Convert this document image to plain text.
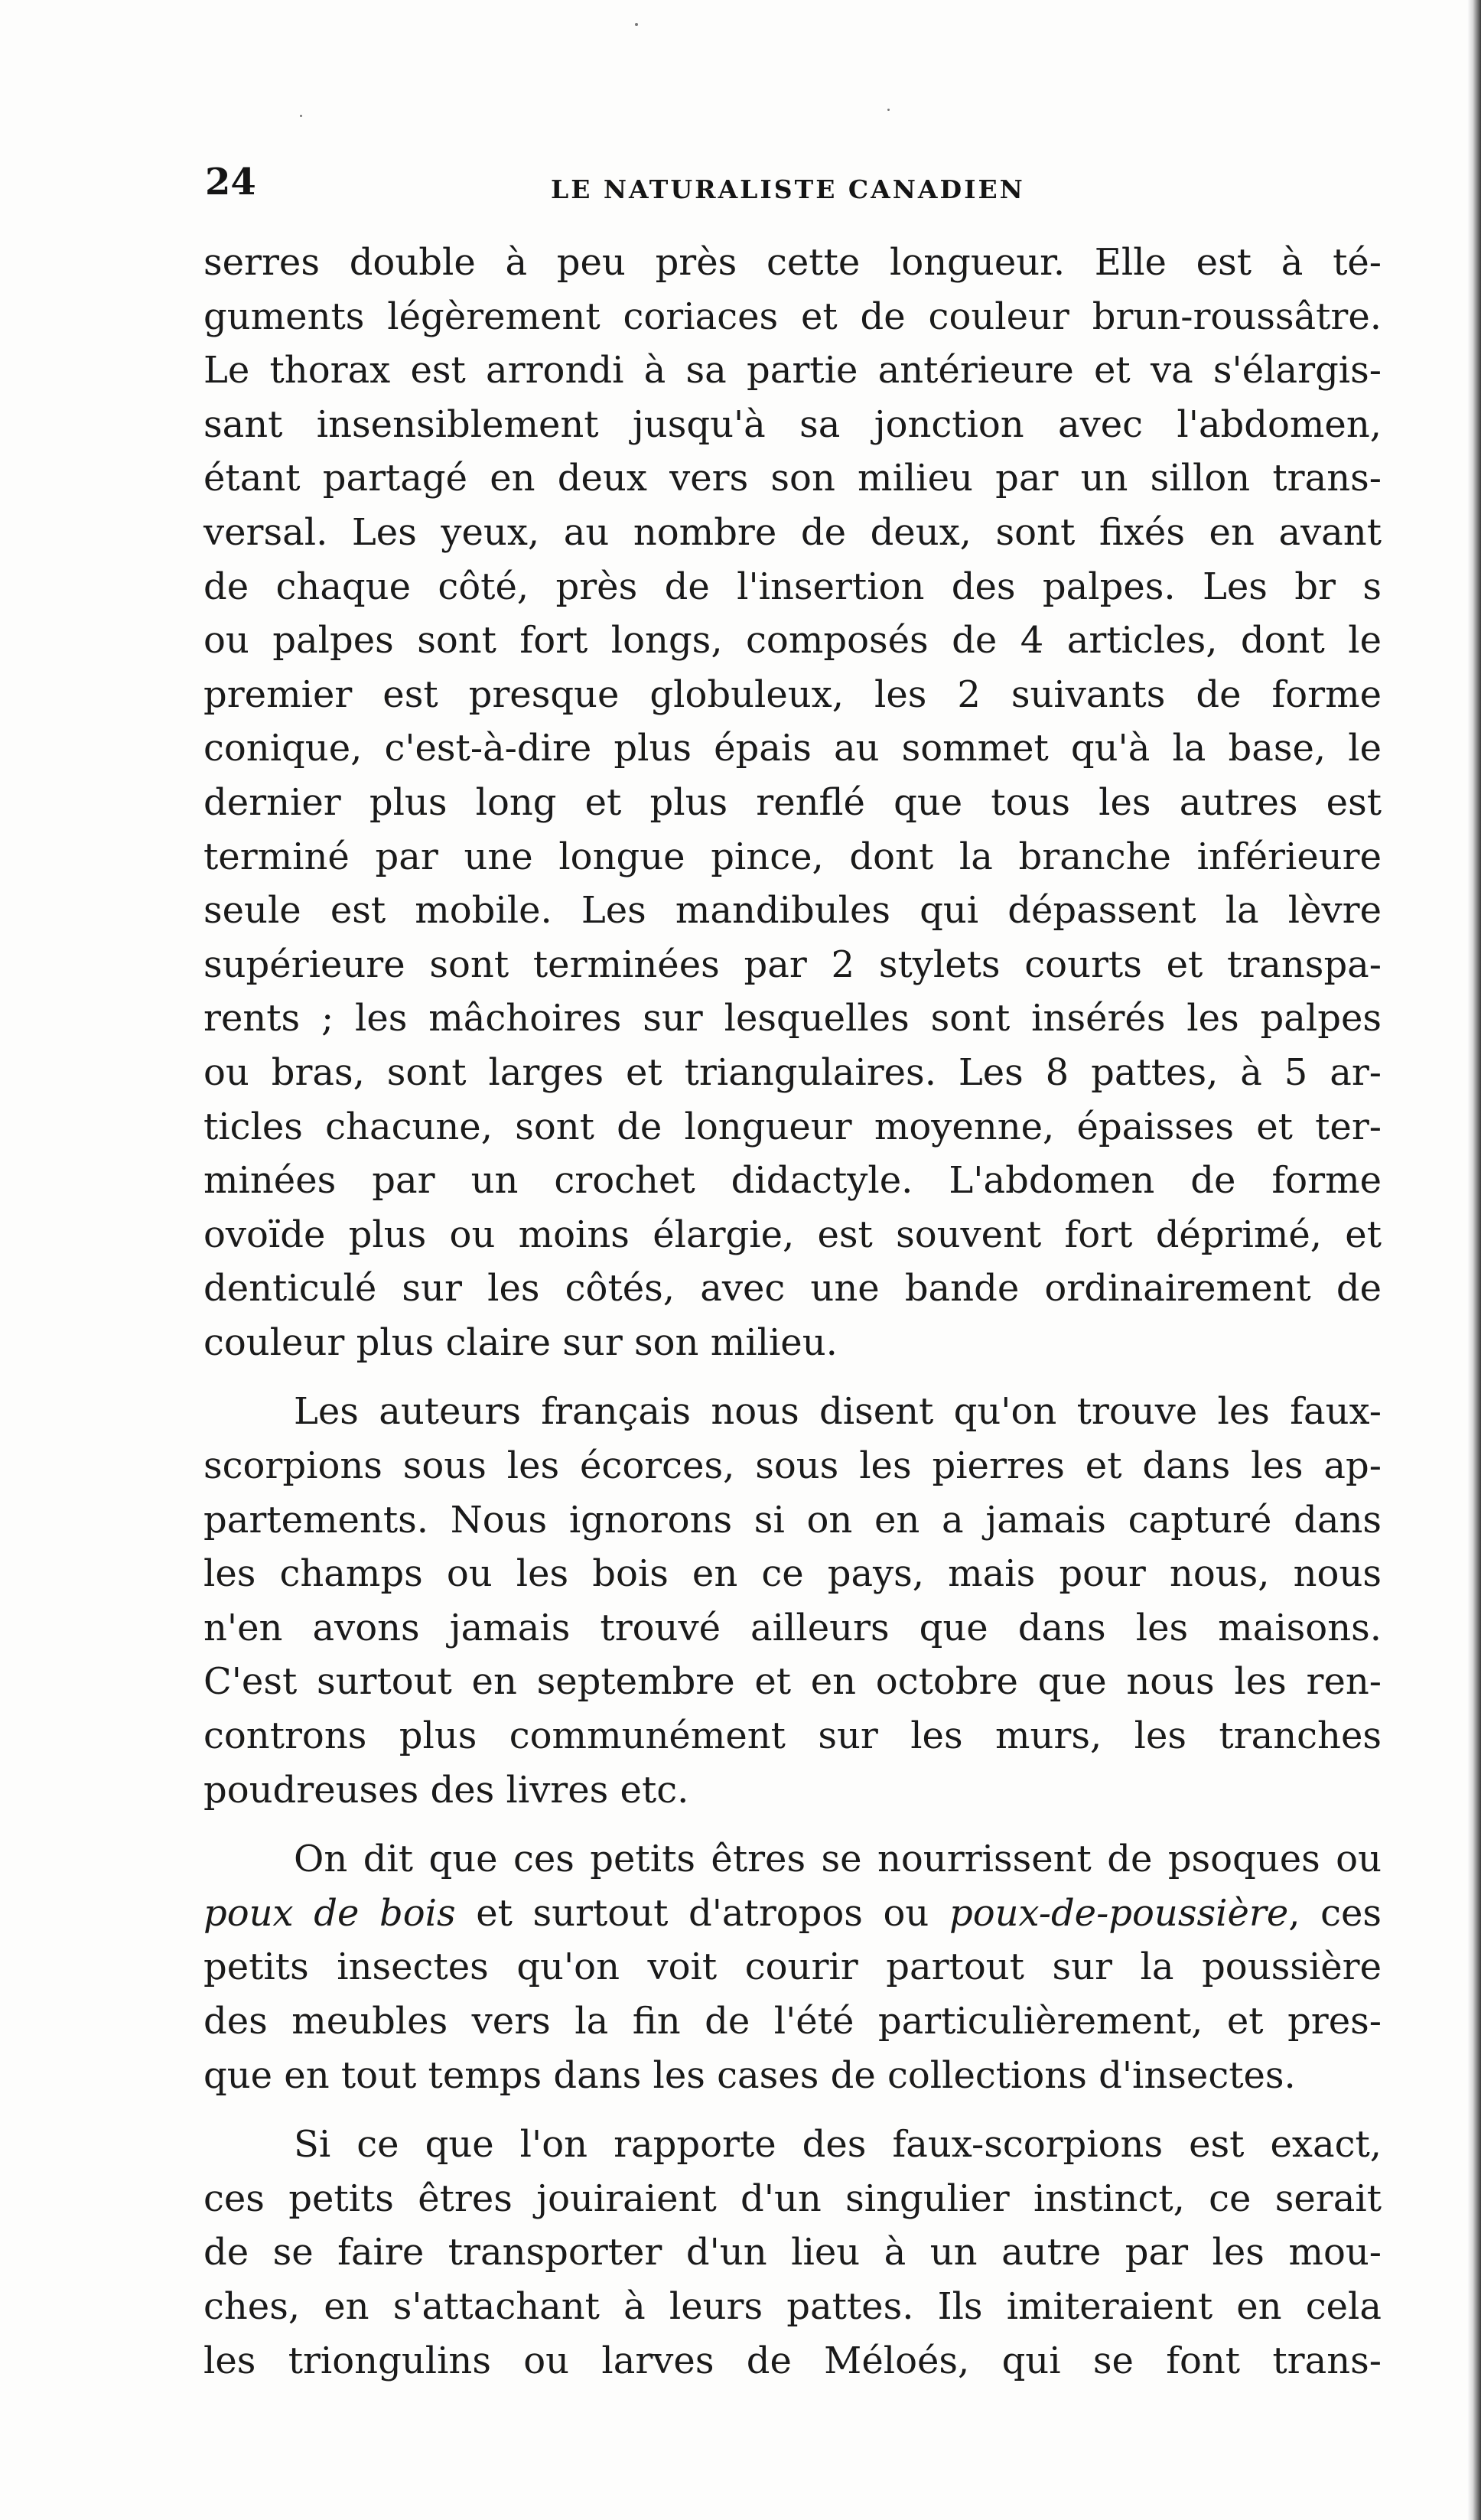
24	LE NATURALISTE CANADIEN

serres double à peu près cette longueur. Elle est à té-
guments légèrement coriaces et de couleur brun-roussâtre.
Le thorax est arrondi à sa partie antérieure et va s'élargis-
sant insensiblement jusqu'à sa jonction avec l'abdomen,
étant partagé en deux vers son milieu par un sillon trans-
versal. Les yeux, au nombre de deux, sont fixés en avant
de chaque côté, près de l'insertion des palpes. Les br s
ou palpes sont fort longs, composés de 4 articles, dont le
premier est presque globuleux, les 2 suivants de forme
conique, c'est-à-dire plus épais au sommet qu'à la base, le
dernier plus long et plus renflé que tous les autres est
terminé par une longue pince, dont la branche inférieure
seule est mobile. Les mandibules qui dépassent la lèvre
supérieure sont terminées par 2 stylets courts et transpa-
rents ; les mâchoires sur lesquelles sont insérés les palpes
ou bras, sont larges et triangulaires. Les 8 pattes, à 5 ar-
ticles chacune, sont de longueur moyenne, épaisses et ter-
minées par un crochet didactyle. L'abdomen de forme
ovoïde plus ou moins élargie, est souvent fort déprimé, et
denticulé sur les côtés, avec une bande ordinairement de
couleur plus claire sur son milieu.

Les auteurs français nous disent qu'on trouve les faux-
scorpions sous les écorces, sous les pierres et dans les ap-
partements. Nous ignorons si on en a jamais capturé dans
les champs ou les bois en ce pays, mais pour nous, nous
n'en avons jamais trouvé ailleurs que dans les maisons.
C'est surtout en septembre et en octobre que nous les ren-
controns plus communément sur les murs, les tranches
poudreuses des livres etc.

On dit que ces petits êtres se nourrissent de psoques ou
poux de bois et surtout d'atropos ou poux-de-poussière, ces
petits insectes qu'on voit courir partout sur la poussière
des meubles vers la fin de l'été particulièrement, et pres-
que en tout temps dans les cases de collections d'insectes.

Si ce que l'on rapporte des faux-scorpions est exact,
ces petits êtres jouiraient d'un singulier instinct, ce serait
de se faire transporter d'un lieu à un autre par les mou-
ches, en s'attachant à leurs pattes. Ils imiteraient en cela
les triongulins ou larves de Méloés, qui se font trans-
